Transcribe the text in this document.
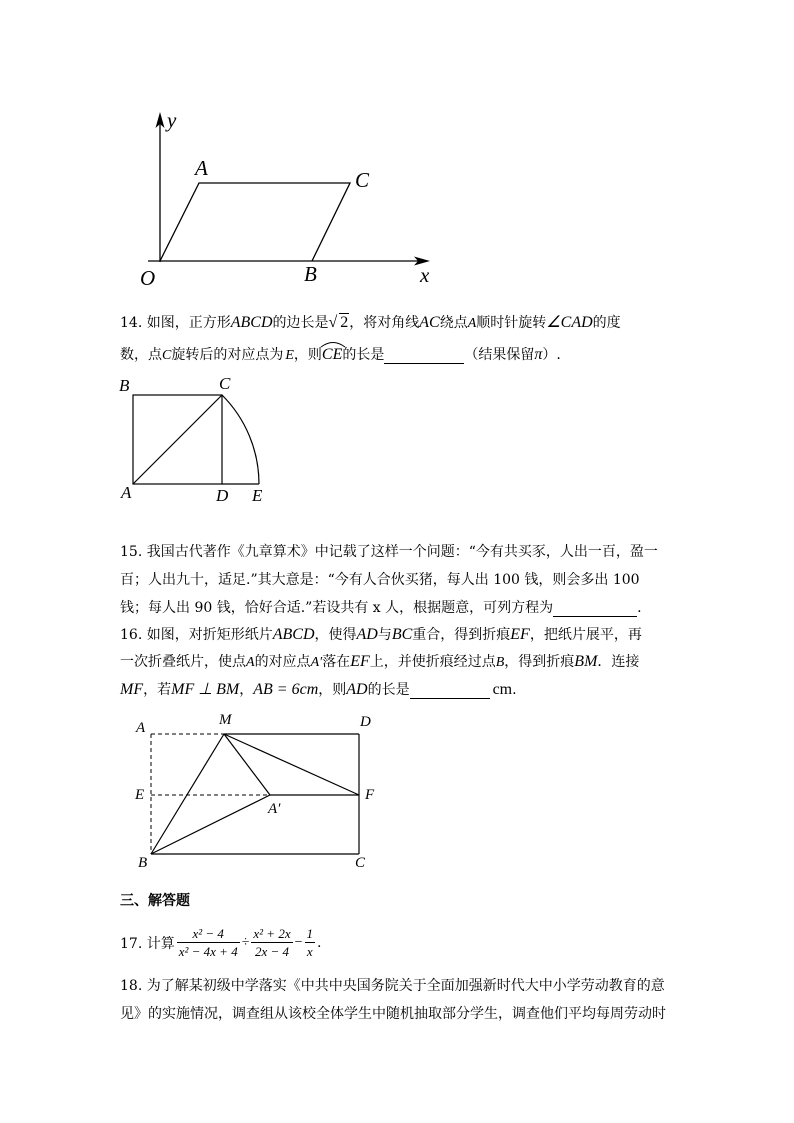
y
x
O
A	C
B
14. 如图，正方形ABCD的边长是√ 2，将对角线AC绕点A顺时针旋转∠CAD的度
数，点C旋转后的对应点为 E，则
CE的长是	（结果保留π）.
B	C
A	D E
15. 我国古代著作《九章算术》中记载了这样一个问题：“今有共买豕，人出一百，盈一
百；人出九十，适足.”其大意是：“今有人合伙买猪，每人出 100 钱，则会多出 100
钱；每人出 90 钱，恰好合适.”若设共有 x 人，根据题意，可列方程为	.
16. 如图，对折矩形纸片ABCD，使得AD与BC重合，得到折痕EF，把纸片展平，再
一次折叠纸片，使点A的对应点A′落在EF上，并使折痕经过点B，得到折痕BM．连接
MF，若MF ⊥ BM，AB = 6cm，则AD的长是	cm.
A	M	D
E	F
A′
B	C
三、解答题
17. 计算 $\frac{\text{x² − 4}}{\text{x² − 4x + 4}} \div \frac{\text{x² + 2x}}{2x - 4} - \frac{1}{x}$ .
18. 为了解某初级中学落实《中共中央国务院关于全面加强新时代大中小学劳动教育的意
见》的实施情况，调查组从该校全体学生中随机抽取部分学生，调查他们平均每周劳动时
